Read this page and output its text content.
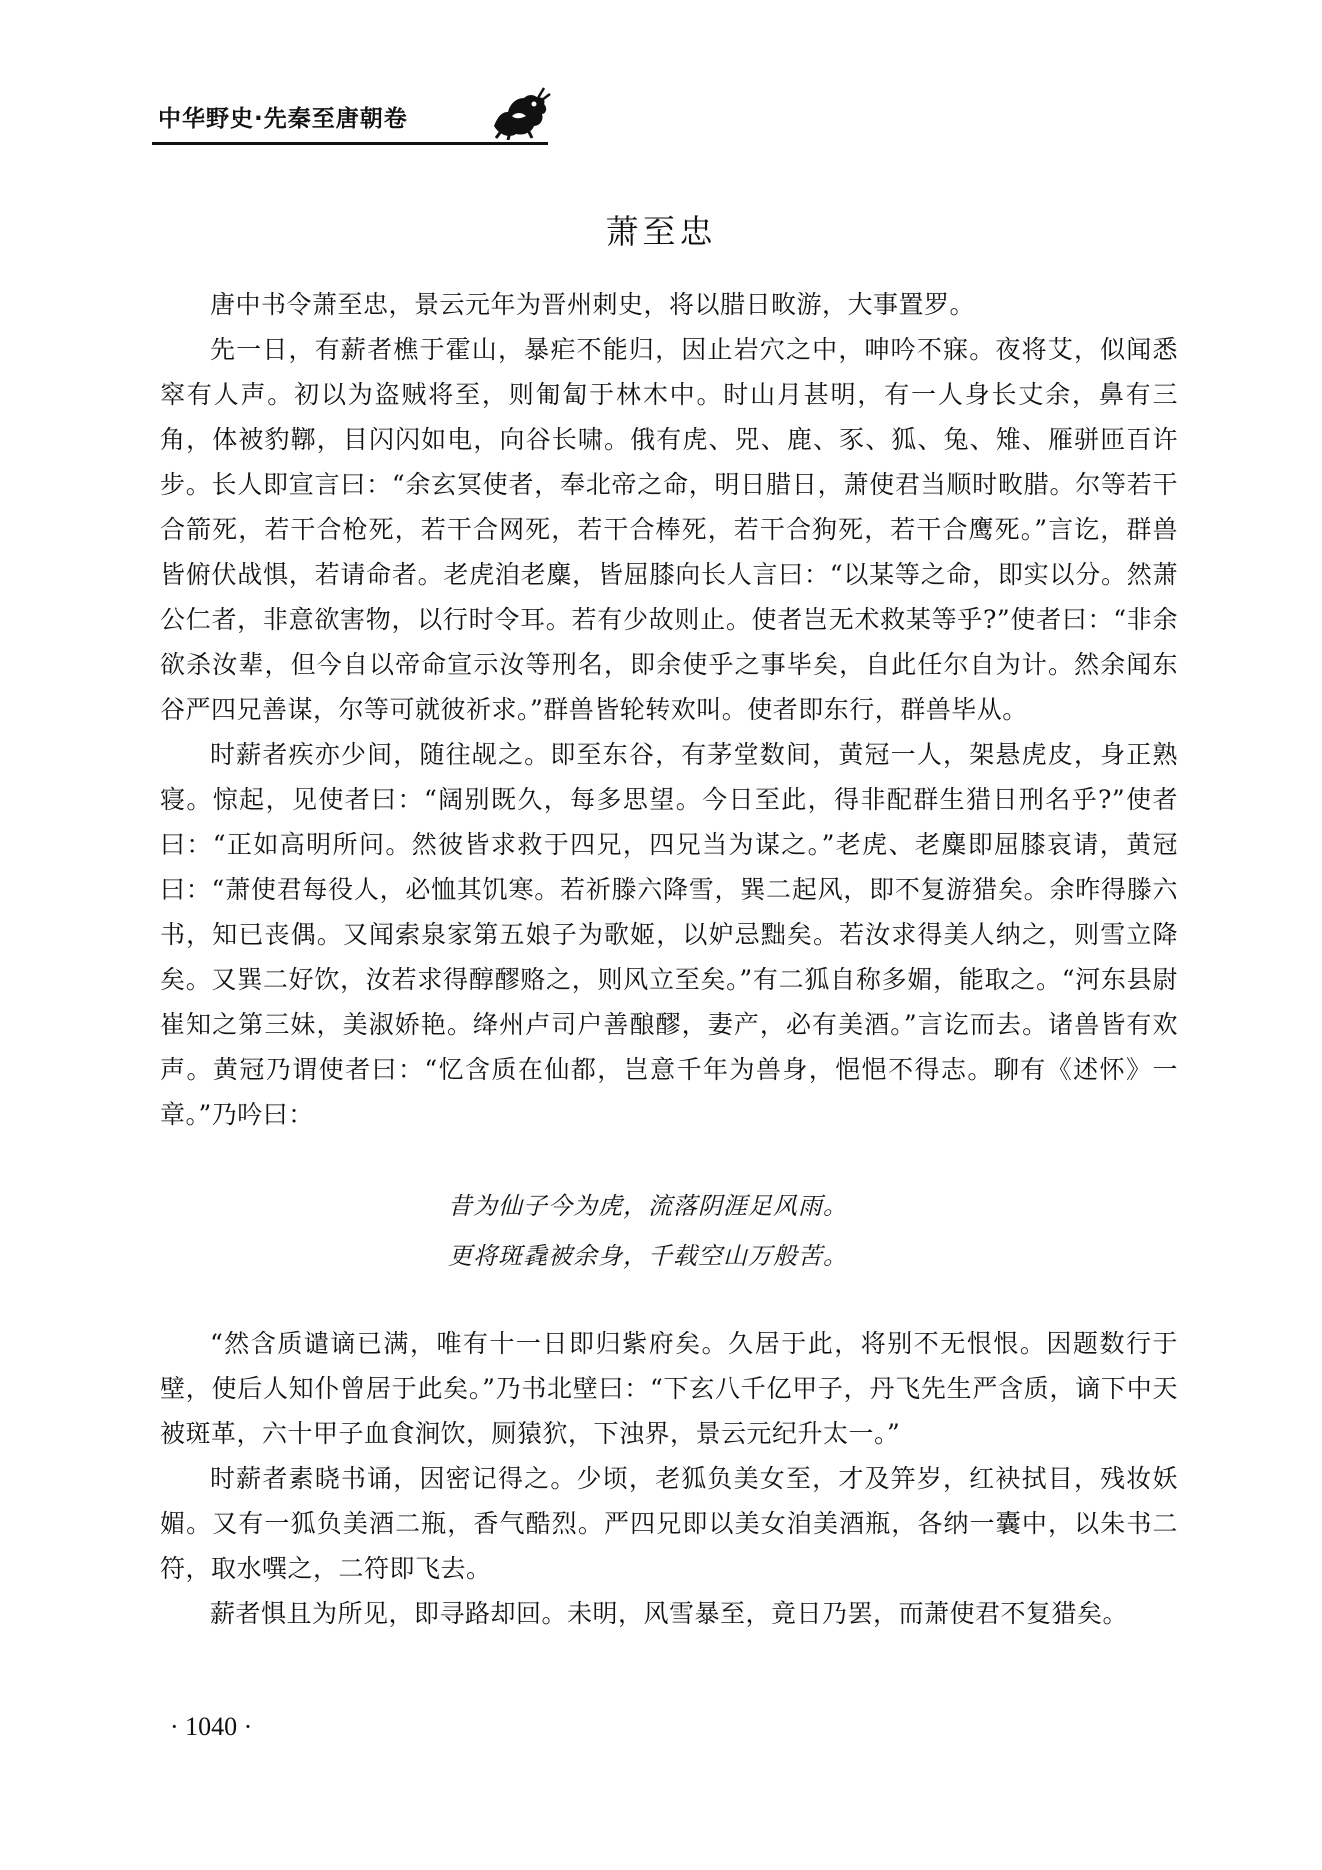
中华野史·先秦至唐朝卷
萧至忠

唐中书令萧至忠，景云元年为晋州刺史，将以腊日畋游，大事置罗。

先一日，有薪者樵于霍山，暴疟不能归，因止岩穴之中，呻吟不寐。夜将艾，似闻悉窣有人声。初以为盗贼将至，则匍匐于林木中。时山月甚明，有一人身长丈余，鼻有三角，体被豹鞹，目闪闪如电，向谷长啸。俄有虎、兕、鹿、豕、狐、兔、雉、雁骈匝百许步。长人即宣言曰：“余玄冥使者，奉北帝之命，明日腊日，萧使君当顺时畋腊。尔等若干合箭死，若干合枪死，若干合网死，若干合棒死，若干合狗死，若干合鹰死。”言讫，群兽皆俯伏战惧，若请命者。老虎洎老麋，皆屈膝向长人言曰：“以某等之命，即实以分。然萧公仁者，非意欲害物，以行时令耳。若有少故则止。使者岂无术救某等乎?”使者曰：“非余欲杀汝辈，但今自以帝命宣示汝等刑名，即余使乎之事毕矣，自此任尔自为计。然余闻东谷严四兄善谋，尔等可就彼祈求。”群兽皆轮转欢叫。使者即东行，群兽毕从。

时薪者疾亦少间，随往觇之。即至东谷，有茅堂数间，黄冠一人，架悬虎皮，身正熟寝。惊起，见使者曰：“阔别既久，每多思望。今日至此，得非配群生猎日刑名乎?”使者曰：“正如高明所问。然彼皆求救于四兄，四兄当为谋之。”老虎、老麋即屈膝哀请，黄冠曰：“萧使君每役人，必恤其饥寒。若祈滕六降雪，巽二起风，即不复游猎矣。余昨得滕六书，知已丧偶。又闻索泉家第五娘子为歌姬，以妒忌黜矣。若汝求得美人纳之，则雪立降矣。又巽二好饮，汝若求得醇醪赂之，则风立至矣。”有二狐自称多媚，能取之。“河东县尉崔知之第三妹，美淑娇艳。绛州卢司户善酿醪，妻产，必有美酒。”言讫而去。诸兽皆有欢声。黄冠乃谓使者曰：“忆含质在仙都，岂意千年为兽身，悒悒不得志。聊有《述怀》一章。”乃吟曰：

昔为仙子今为虎，流落阴涯足风雨。
更将斑毳被余身，千载空山万般苦。

“然含质谴谪已满，唯有十一日即归紫府矣。久居于此，将别不无恨恨。因题数行于壁，使后人知仆曾居于此矣。”乃书北壁曰：“下玄八千亿甲子，丹飞先生严含质，谪下中天被斑革，六十甲子血食涧饮，厕猿狖，下浊界，景云元纪升太一。”

时薪者素晓书诵，因密记得之。少顷，老狐负美女至，才及笄岁，红袂拭目，残妆妖媚。又有一狐负美酒二瓶，香气酷烈。严四兄即以美女洎美酒瓶，各纳一囊中，以朱书二符，取水噀之，二符即飞去。

薪者惧且为所见，即寻路却回。未明，风雪暴至，竟日乃罢，而萧使君不复猎矣。

· 1040 ·
